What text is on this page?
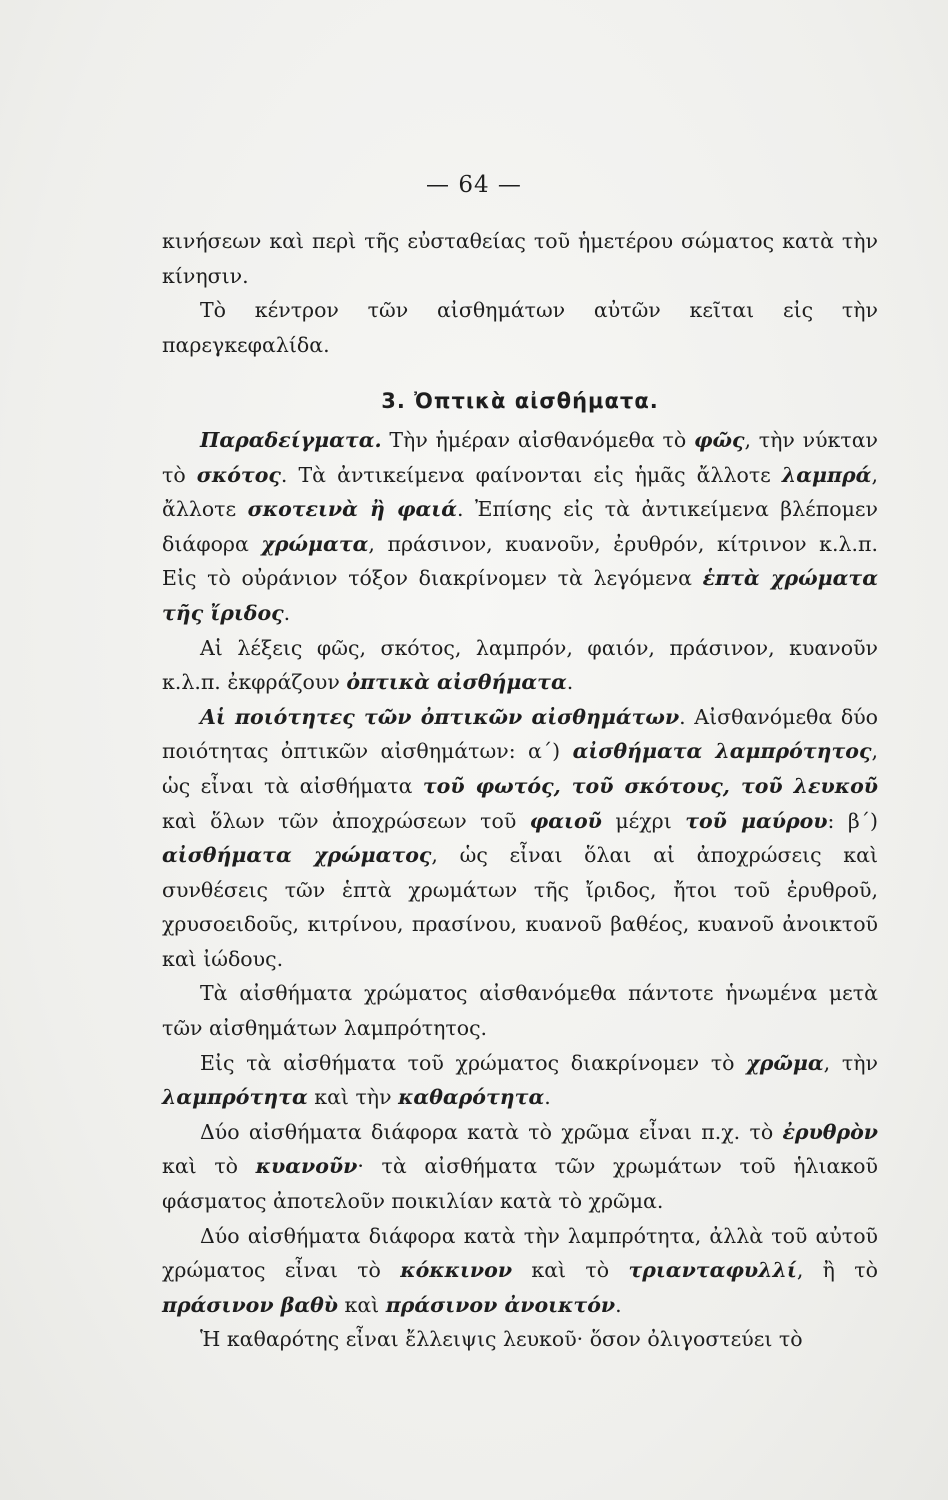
— 64 —

κινήσεων καὶ περὶ τῆς εὐσταθείας τοῦ ἡμετέρου σώματος κατὰ τὴν κίνησιν.

Τὸ κέντρον τῶν αἰσθημάτων αὐτῶν κεῖται εἰς τὴν παρεγκεφαλίδα.

3. Ὀπτικὰ αἰσθήματα.

Παραδείγματα. Τὴν ἡμέραν αἰσθανόμεθα τὸ φῶς, τὴν νύκταν τὸ σκότος. Τὰ ἀντικείμενα φαίνονται εἰς ἡμᾶς ἄλλοτε λαμπρά, ἄλλοτε σκοτεινὰ ἢ φαιά. Ἐπίσης εἰς τὰ ἀντικείμενα βλέπομεν διάφορα χρώματα, πράσινον, κυανοῦν, ἐρυθρόν, κίτρινον κ.λ.π. Εἰς τὸ οὐράνιον τόξον διακρίνομεν τὰ λεγόμενα ἑπτὰ χρώματα τῆς ἴριδος.

Αἱ λέξεις φῶς, σκότος, λαμπρόν, φαιόν, πράσινον, κυανοῦν κ.λ.π. ἐκφράζουν ὀπτικὰ αἰσθήματα.

Αἱ ποιότητες τῶν ὀπτικῶν αἰσθημάτων. Αἰσθανόμεθα δύο ποιότητας ὀπτικῶν αἰσθημάτων: α΄) αἰσθήματα λαμπρότητος, ὡς εἶναι τὰ αἰσθήματα τοῦ φωτός, τοῦ σκότους, τοῦ λευκοῦ καὶ ὅλων τῶν ἀποχρώσεων τοῦ φαιοῦ μέχρι τοῦ μαύρου: β΄) αἰσθήματα χρώματος, ὡς εἶναι ὅλαι αἱ ἀποχρώσεις καὶ συνθέσεις τῶν ἑπτὰ χρωμάτων τῆς ἴριδος, ἤτοι τοῦ ἐρυθροῦ, χρυσοειδοῦς, κιτρίνου, πρασίνου, κυανοῦ βαθέος, κυανοῦ ἀνοικτοῦ καὶ ἰώδους.

Τὰ αἰσθήματα χρώματος αἰσθανόμεθα πάντοτε ἡνωμένα μετὰ τῶν αἰσθημάτων λαμπρότητος.

Εἰς τὰ αἰσθήματα τοῦ χρώματος διακρίνομεν τὸ χρῶμα, τὴν λαμπρότητα καὶ τὴν καθαρότητα.

Δύο αἰσθήματα διάφορα κατὰ τὸ χρῶμα εἶναι π.χ. τὸ ἐρυθρὸν καὶ τὸ κυανοῦν· τὰ αἰσθήματα τῶν χρωμάτων τοῦ ἡλιακοῦ φάσματος ἀποτελοῦν ποικιλίαν κατὰ τὸ χρῶμα.

Δύο αἰσθήματα διάφορα κατὰ τὴν λαμπρότητα, ἀλλὰ τοῦ αὐτοῦ χρώματος εἶναι τὸ κόκκινον καὶ τὸ τριανταφυλλί, ἢ τὸ πράσινον βαθὺ καὶ πράσινον ἀνοικτόν.

Ἡ καθαρότης εἶναι ἔλλειψις λευκοῦ· ὅσον ὀλιγοστεύει τὸ
